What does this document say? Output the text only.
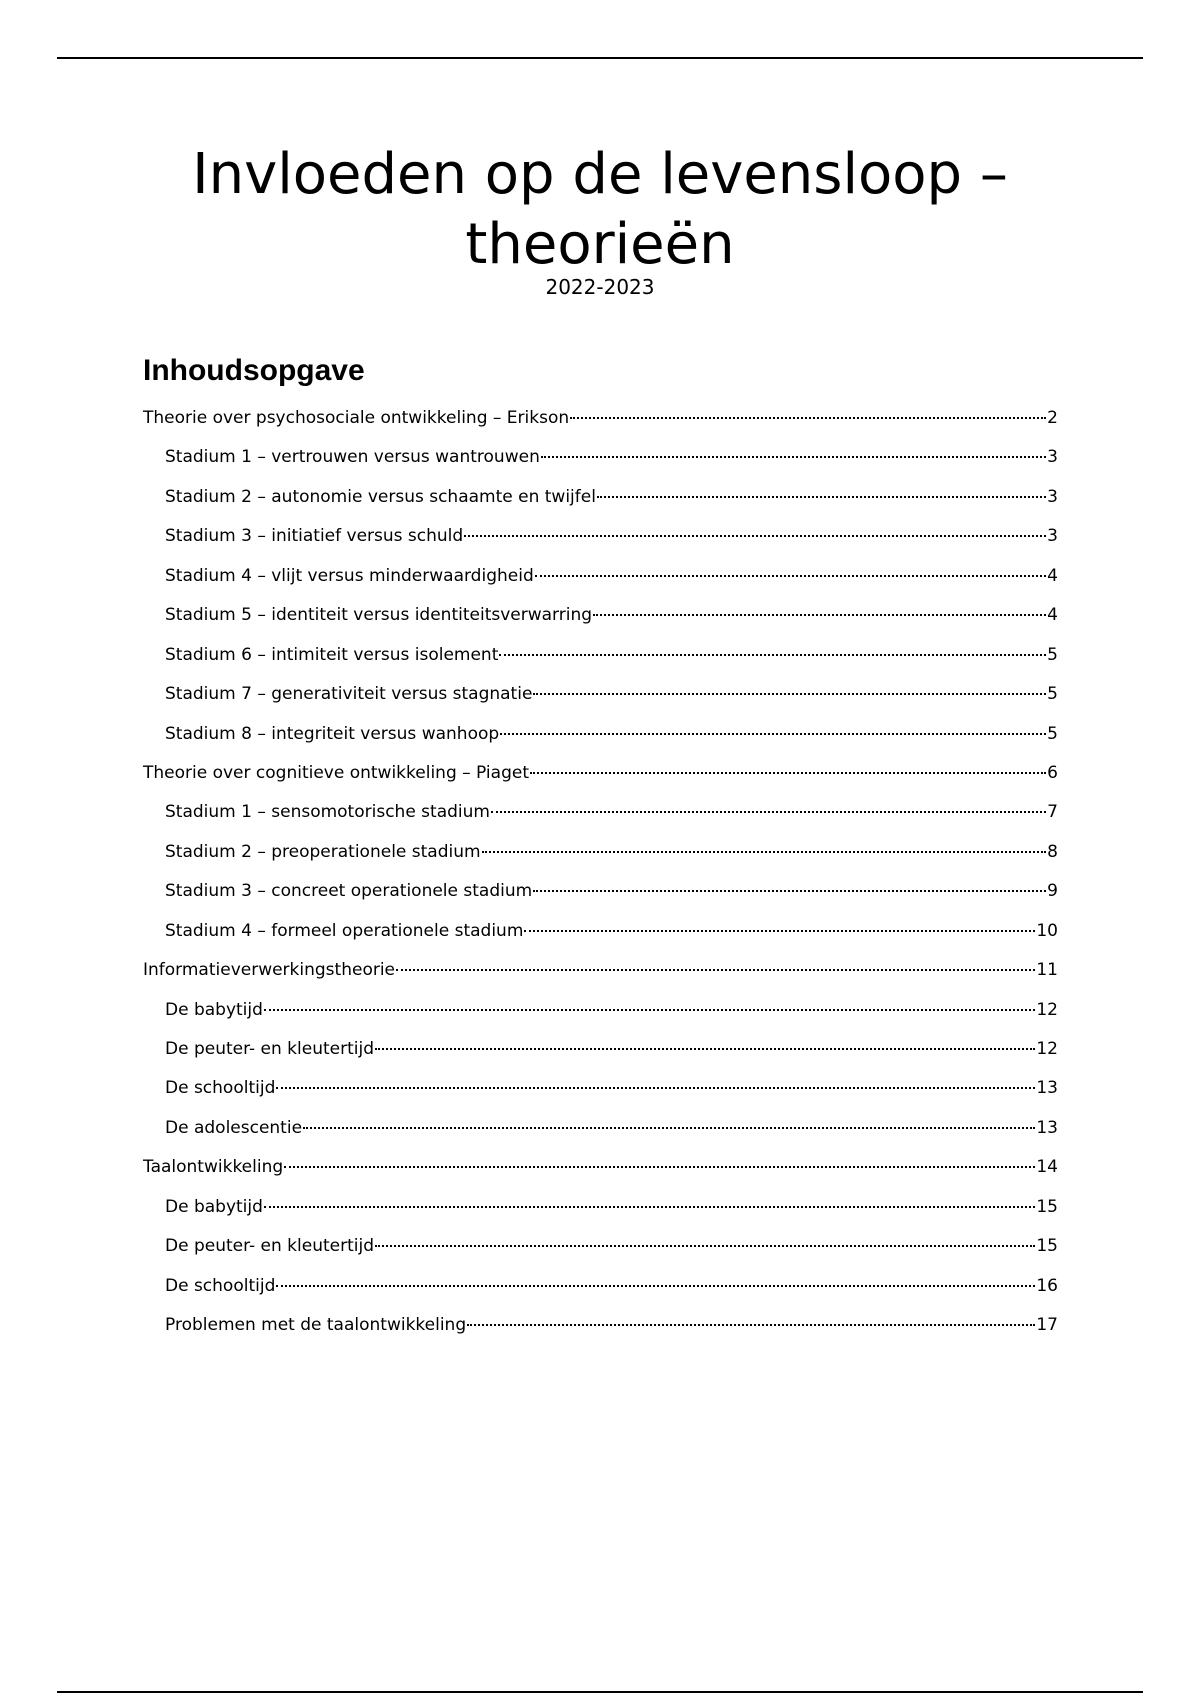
Invloeden op de levensloop –
theorieën
2022-2023
Inhoudsopgave
Theorie over psychosociale ontwikkeling – Erikson	2
Stadium 1 – vertrouwen versus wantrouwen	3
Stadium 2 – autonomie versus schaamte en twijfel	3
Stadium 3 – initiatief versus schuld	3
Stadium 4 – vlijt versus minderwaardigheid	4
Stadium 5 – identiteit versus identiteitsverwarring	4
Stadium 6 – intimiteit versus isolement	5
Stadium 7 – generativiteit versus stagnatie	5
Stadium 8 – integriteit versus wanhoop	5
Theorie over cognitieve ontwikkeling – Piaget	6
Stadium 1 – sensomotorische stadium	7
Stadium 2 – preoperationele stadium	8
Stadium 3 – concreet operationele stadium	9
Stadium 4 – formeel operationele stadium	10
Informatieverwerkingstheorie	11
De babytijd	12
De peuter- en kleutertijd	12
De schooltijd	13
De adolescentie	13
Taalontwikkeling	14
De babytijd	15
De peuter- en kleutertijd	15
De schooltijd	16
Problemen met de taalontwikkeling	17
